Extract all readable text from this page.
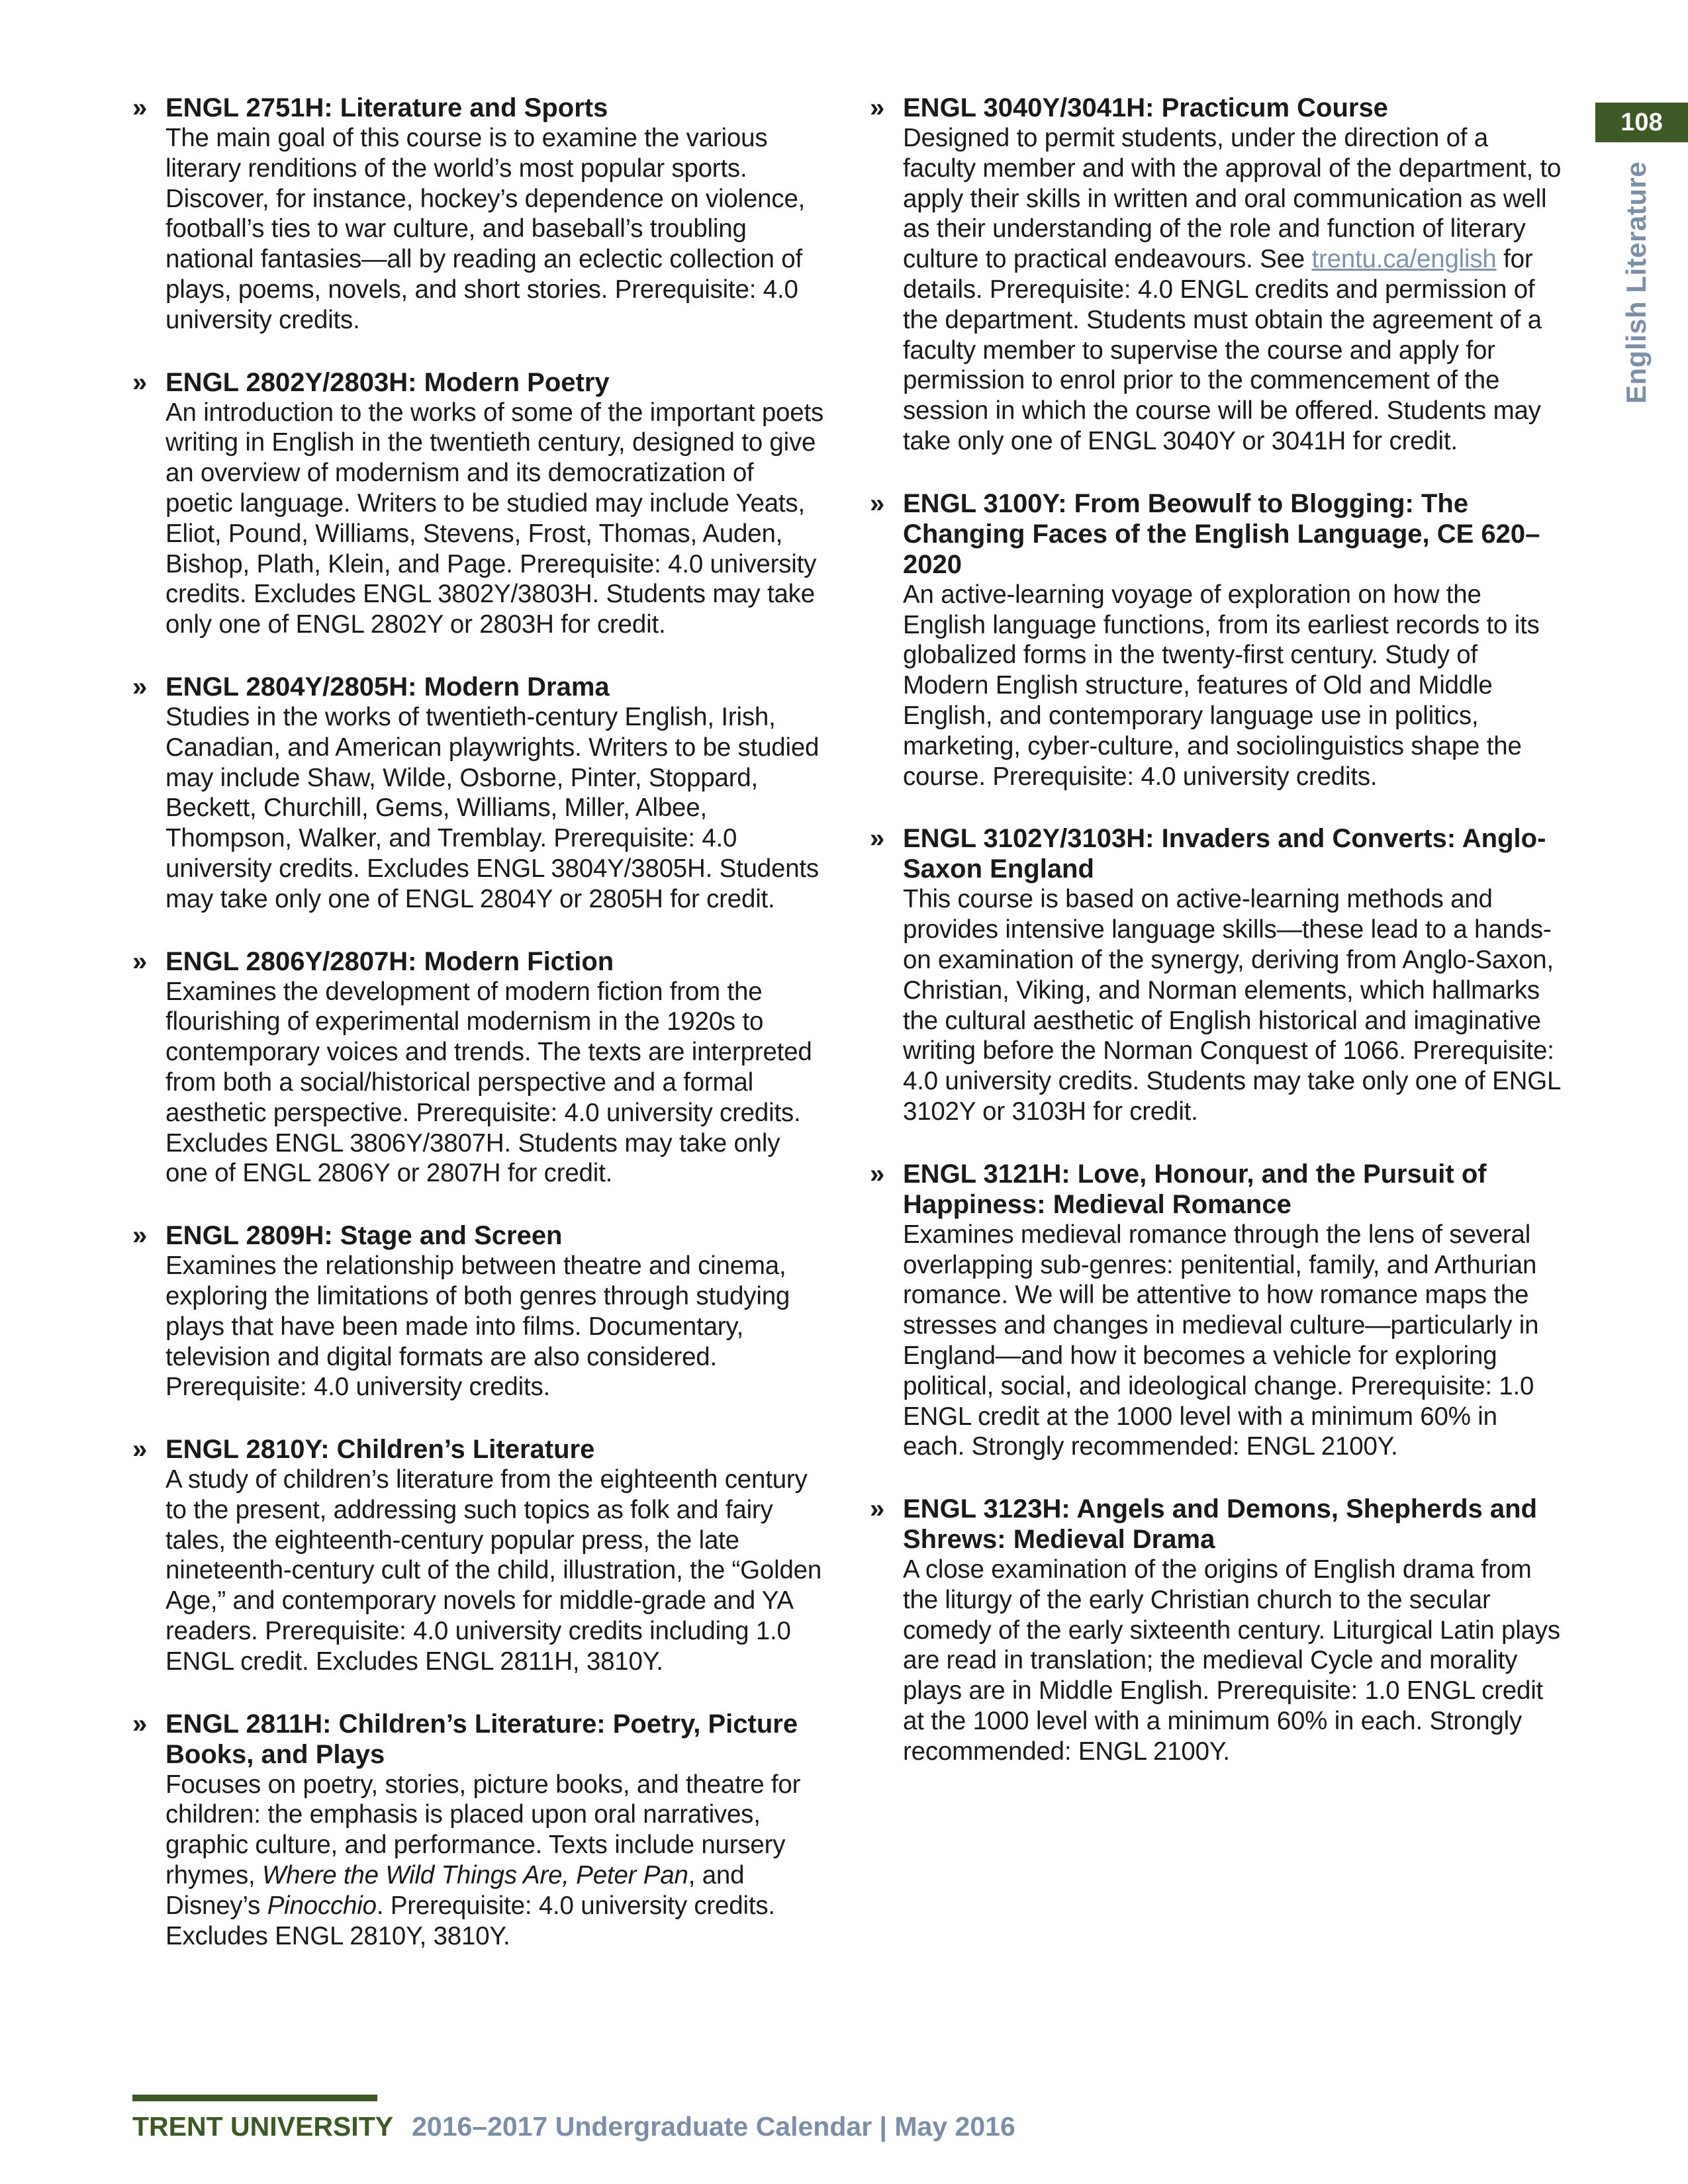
» ENGL 2751H: Literature and Sports
The main goal of this course is to examine the various literary renditions of the world’s most popular sports. Discover, for instance, hockey’s dependence on violence, football’s ties to war culture, and baseball’s troubling national fantasies—all by reading an eclectic collection of plays, poems, novels, and short stories. Prerequisite: 4.0 university credits.
» ENGL 2802Y/2803H: Modern Poetry
An introduction to the works of some of the important poets writing in English in the twentieth century, designed to give an overview of modernism and its democratization of poetic language. Writers to be studied may include Yeats, Eliot, Pound, Williams, Stevens, Frost, Thomas, Auden, Bishop, Plath, Klein, and Page. Prerequisite: 4.0 university credits. Excludes ENGL 3802Y/3803H. Students may take only one of ENGL 2802Y or 2803H for credit.
» ENGL 2804Y/2805H: Modern Drama
Studies in the works of twentieth-century English, Irish, Canadian, and American playwrights. Writers to be studied may include Shaw, Wilde, Osborne, Pinter, Stoppard, Beckett, Churchill, Gems, Williams, Miller, Albee, Thompson, Walker, and Tremblay. Prerequisite: 4.0 university credits. Excludes ENGL 3804Y/3805H. Students may take only one of ENGL 2804Y or 2805H for credit.
» ENGL 2806Y/2807H: Modern Fiction
Examines the development of modern fiction from the flourishing of experimental modernism in the 1920s to contemporary voices and trends. The texts are interpreted from both a social/historical perspective and a formal aesthetic perspective. Prerequisite: 4.0 university credits. Excludes ENGL 3806Y/3807H. Students may take only one of ENGL 2806Y or 2807H for credit.
» ENGL 2809H: Stage and Screen
Examines the relationship between theatre and cinema, exploring the limitations of both genres through studying plays that have been made into films. Documentary, television and digital formats are also considered. Prerequisite: 4.0 university credits.
» ENGL 2810Y: Children’s Literature
A study of children’s literature from the eighteenth century to the present, addressing such topics as folk and fairy tales, the eighteenth-century popular press, the late nineteenth-century cult of the child, illustration, the “Golden Age,” and contemporary novels for middle-grade and YA readers. Prerequisite: 4.0 university credits including 1.0 ENGL credit. Excludes ENGL 2811H, 3810Y.
» ENGL 2811H: Children’s Literature: Poetry, Picture Books, and Plays
Focuses on poetry, stories, picture books, and theatre for children: the emphasis is placed upon oral narratives, graphic culture, and performance. Texts include nursery rhymes, Where the Wild Things Are, Peter Pan, and Disney’s Pinocchio. Prerequisite: 4.0 university credits. Excludes ENGL 2810Y, 3810Y.
» ENGL 3040Y/3041H: Practicum Course
Designed to permit students, under the direction of a faculty member and with the approval of the department, to apply their skills in written and oral communication as well as their understanding of the role and function of literary culture to practical endeavours. See trentu.ca/english for details. Prerequisite: 4.0 ENGL credits and permission of the department. Students must obtain the agreement of a faculty member to supervise the course and apply for permission to enrol prior to the commencement of the session in which the course will be offered. Students may take only one of ENGL 3040Y or 3041H for credit.
» ENGL 3100Y: From Beowulf to Blogging: The Changing Faces of the English Language, CE 620–2020
An active-learning voyage of exploration on how the English language functions, from its earliest records to its globalized forms in the twenty-first century. Study of Modern English structure, features of Old and Middle English, and contemporary language use in politics, marketing, cyber-culture, and sociolinguistics shape the course. Prerequisite: 4.0 university credits.
» ENGL 3102Y/3103H: Invaders and Converts: Anglo-Saxon England
This course is based on active-learning methods and provides intensive language skills—these lead to a hands-on examination of the synergy, deriving from Anglo-Saxon, Christian, Viking, and Norman elements, which hallmarks the cultural aesthetic of English historical and imaginative writing before the Norman Conquest of 1066. Prerequisite: 4.0 university credits. Students may take only one of ENGL 3102Y or 3103H for credit.
» ENGL 3121H: Love, Honour, and the Pursuit of Happiness: Medieval Romance
Examines medieval romance through the lens of several overlapping sub-genres: penitential, family, and Arthurian romance. We will be attentive to how romance maps the stresses and changes in medieval culture—particularly in England—and how it becomes a vehicle for exploring political, social, and ideological change. Prerequisite: 1.0 ENGL credit at the 1000 level with a minimum 60% in each. Strongly recommended: ENGL 2100Y.
» ENGL 3123H: Angels and Demons, Shepherds and Shrews: Medieval Drama
A close examination of the origins of English drama from the liturgy of the early Christian church to the secular comedy of the early sixteenth century. Liturgical Latin plays are read in translation; the medieval Cycle and morality plays are in Middle English. Prerequisite: 1.0 ENGL credit at the 1000 level with a minimum 60% in each. Strongly recommended: ENGL 2100Y.
108
English Literature
TRENT UNIVERSITY 2016–2017 Undergraduate Calendar | May 2016
